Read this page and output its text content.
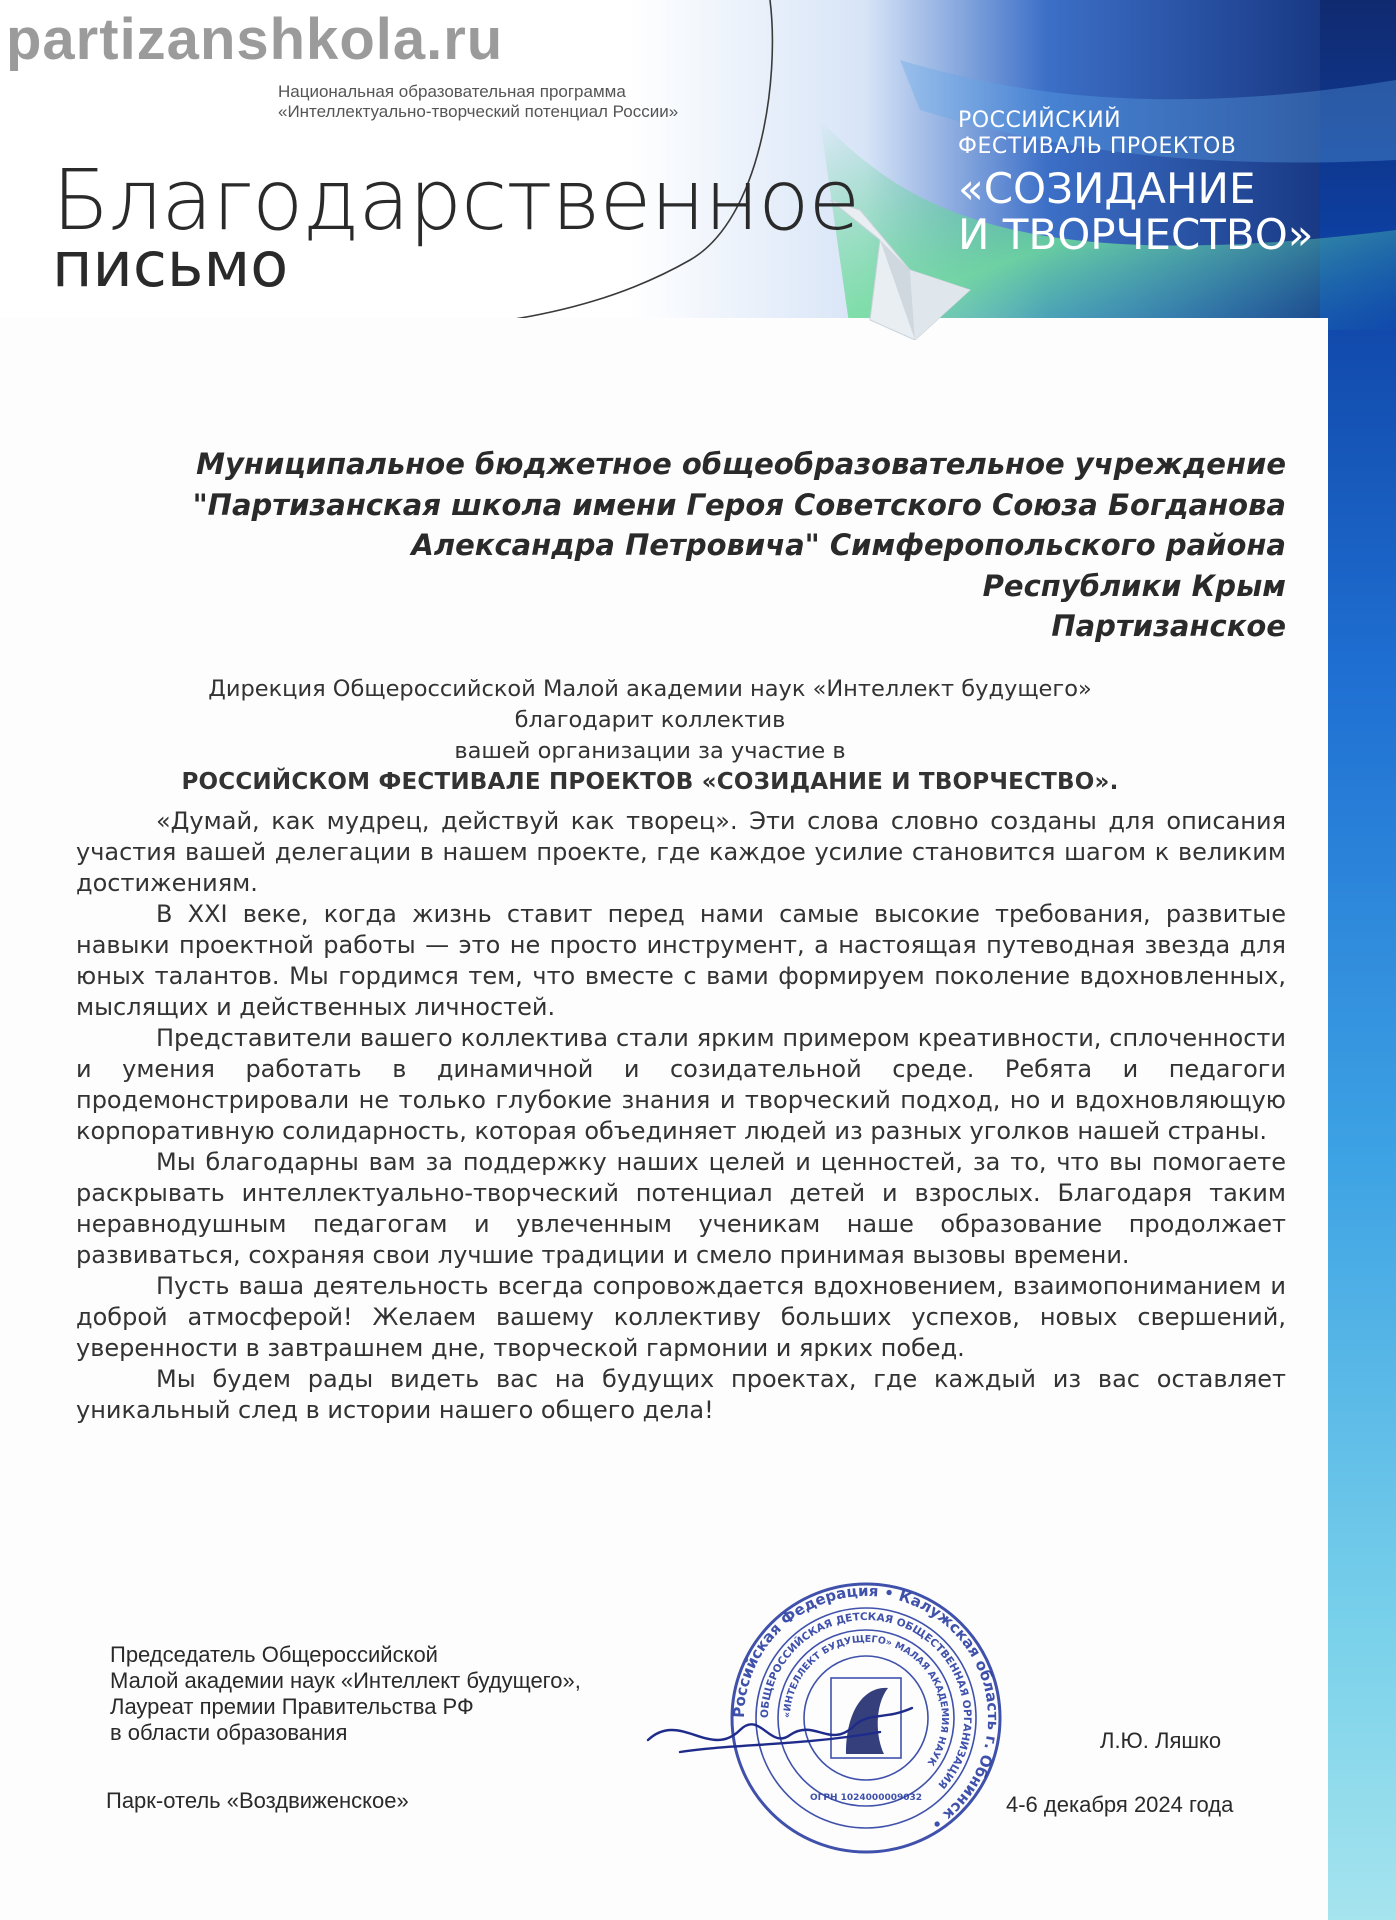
partizanshkola.ru
Национальная образовательная программа
«Интеллектуально-творческий потенциал России»
Благодарственное
письмо
РОССИЙСКИЙ
ФЕСТИВАЛЬ ПРОЕКТОВ
«СОЗИДАНИЕ
И ТВОРЧЕСТВО»
Муниципальное бюджетное общеобразовательное учреждение
"Партизанская школа имени Героя Советского Союза Богданова
Александра Петровича" Симферопольского района
Республики Крым
Партизанское
Дирекция Общероссийской Малой академии наук «Интеллект будущего»
благодарит коллектив
вашей организации за участие в
РОССИЙСКОМ ФЕСТИВАЛЕ ПРОЕКТОВ «СОЗИДАНИЕ И ТВОРЧЕСТВО».

«Думай, как мудрец, действуй как творец». Эти слова словно созданы для описания участия вашей делегации в нашем проекте, где каждое усилие становится шагом к великим достижениям.

В XXI веке, когда жизнь ставит перед нами самые высокие требования, развитые навыки проектной работы — это не просто инструмент, а настоящая путеводная звезда для юных талантов. Мы гордимся тем, что вместе с вами формируем поколение вдохновленных, мыслящих и действенных личностей.

Представители вашего коллектива стали ярким примером креативности, сплоченности и умения работать в динамичной и созидательной среде. Ребята и педагоги продемонстрировали не только глубокие знания и творческий подход, но и вдохновляющую корпоративную солидарность, которая объединяет людей из разных уголков нашей страны.

Мы благодарны вам за поддержку наших целей и ценностей, за то, что вы помогаете раскрывать интеллектуально-творческий потенциал детей и взрослых. Благодаря таким неравнодушным педагогам и увлеченным ученикам наше образование продолжает развиваться, сохраняя свои лучшие традиции и смело принимая вызовы времени.

Пусть ваша деятельность всегда сопровождается вдохновением, взаимопониманием и доброй атмосферой! Желаем вашему коллективу больших успехов, новых свершений, уверенности в завтрашнем дне, творческой гармонии и ярких побед.

Мы будем рады видеть вас на будущих проектах, где каждый из вас оставляет уникальный след в истории нашего общего дела!

Председатель Общероссийской
Малой академии наук «Интеллект будущего»,
Лауреат премии Правительства РФ
в области образования
Российская Федерация • Калужская область г. Обнинск •
ОБЩЕРОССИЙСКАЯ ДЕТСКАЯ ОБЩЕСТВЕННАЯ ОРГАНИЗАЦИЯ
«ИНТЕЛЛЕКТ БУДУЩЕГО» МАЛАЯ АКАДЕМИЯ НАУК
ОГРН 1024000009032
Л.Ю. Ляшко
Парк-отель «Воздвиженское»	4-6 декабря 2024 года
